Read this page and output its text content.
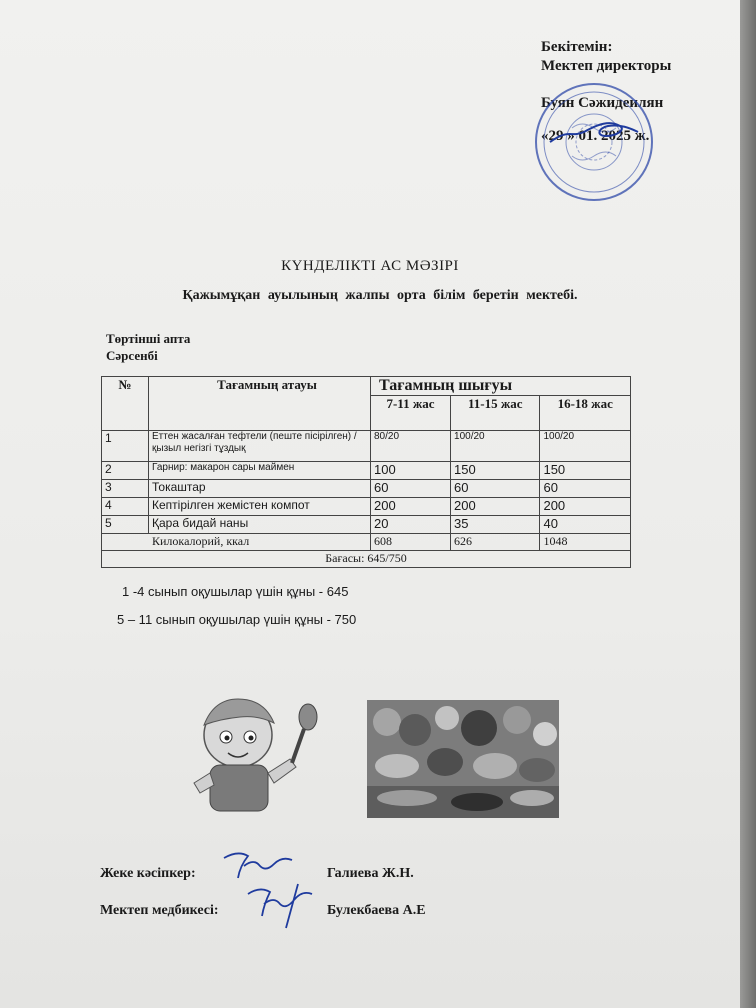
Бекітемін:
Мектеп директоры
Буян Сәжидеилян
«29 » 01. 2025 ж.
КҮНДЕЛІКТІ АС МӘЗІРІ
Қажымұқан ауылының жалпы орта білім беретін мектебі.
Төртінші апта
Сәрсенбі
№	Тағамның атауы	Тағамның шығуы		
		7-11 жас	11-15 жас	16-18 жас
1	Еттен жасалған тефтели (пеште пісірілген) /қызыл негізгі тұздық	80/20	100/20	100/20
2	Гарнир: макарон сары маймен	100	150	150
3	Токаштар	60	60	60
4	Кептірілген жемістен компот	200	200	200
5	Қара бидай наны	20	35	40
Килокалорий, ккал		608	626	1048
Бағасы: 645/750				
1 -4 сынып оқушылар үшін құны - 645
5 – 11 сынып оқушылар үшін құны - 750
Жеке кәсіпкер:	Галиева Ж.Н.
Мектеп медбикесі:	Булекбаева А.Е
